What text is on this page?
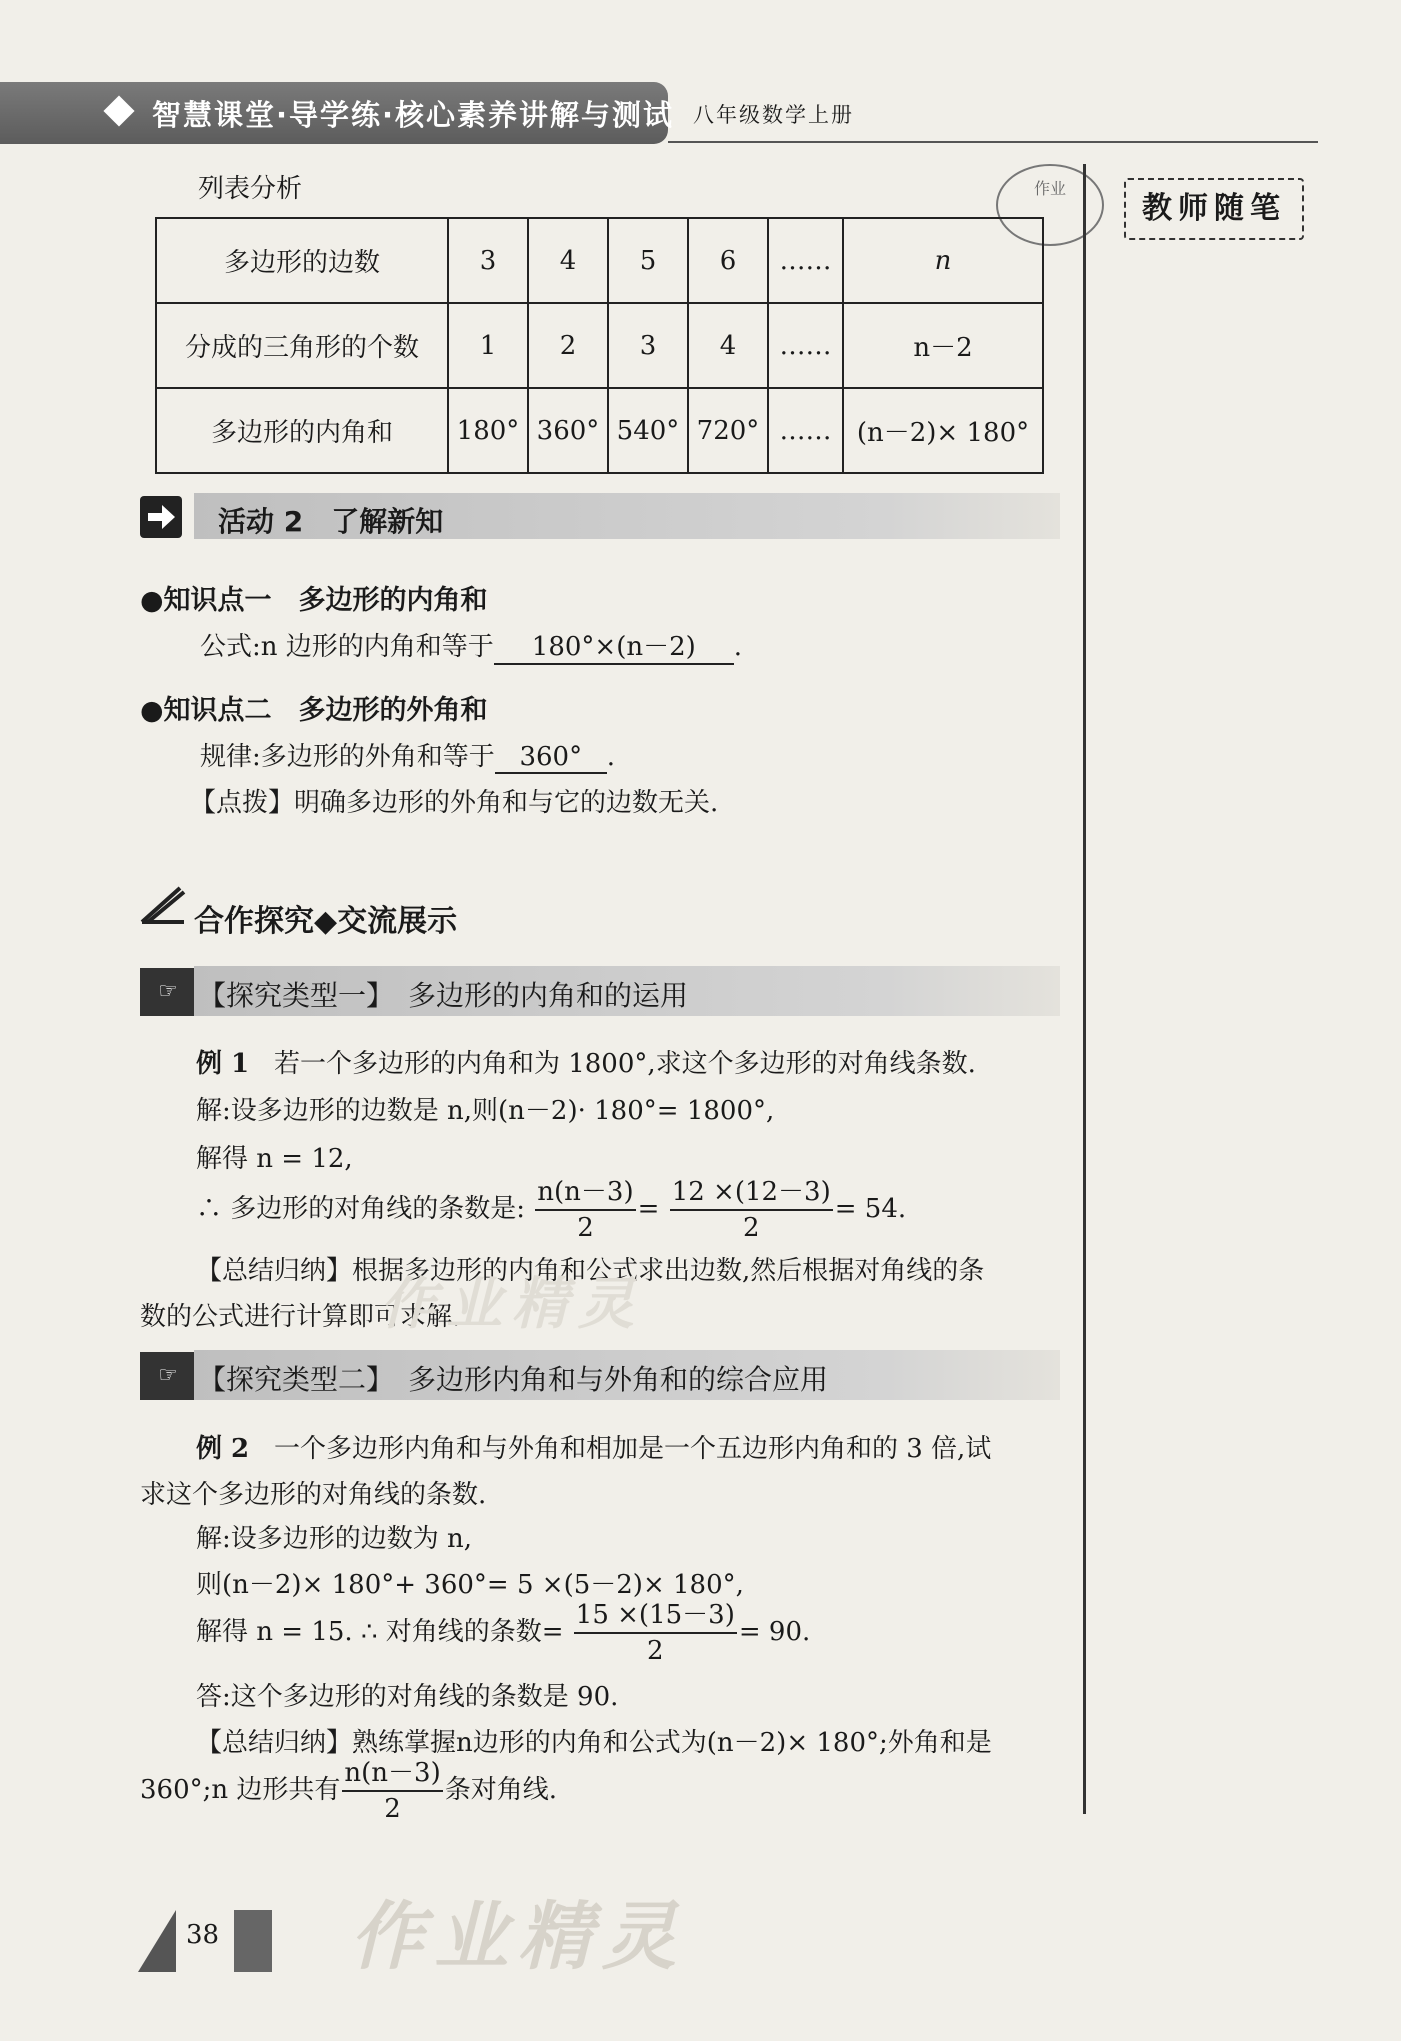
智慧课堂·导学练·核心素养讲解与测试 八年级数学上册
作业
教师随笔
列表分析
多边形的边数	3	4	5	6	……	n
分成的三角形的个数	1	2	3	4	……	n－2
多边形的内角和	180°	360°	540°	720°	……	(n－2)× 180°
活动 2　了解新知
●知识点一　多边形的内角和
公式:n 边形的内角和等于 180°×(n－2) .
●知识点二　多边形的外角和
规律:多边形的外角和等于 360° .
【点拨】明确多边形的外角和与它的边数无关.
合作探究◆交流展示
☞ 【探究类型一】　多边形的内角和的运用
例 1 若一个多边形的内角和为 1800°,求这个多边形的对角线条数.
解:设多边形的边数是 n,则(n－2)· 180°= 1800°,
解得 n = 12,
∴ 多边形的对角线的条数是: $\frac{n(n-3)}{2} = \frac{12 \times(12-3)}{2} = 54$.
【总结归纳】根据多边形的内角和公式求出边数,然后根据对角线的条
数的公式进行计算即可求解.
☞ 【探究类型二】　多边形内角和与外角和的综合应用
例 2 一个多边形内角和与外角和相加是一个五边形内角和的 3 倍,试
求这个多边形的对角线的条数.
解:设多边形的边数为 n,
则(n－2)× 180°+ 360°= 5 ×(5－2)× 180°,
解得 n = 15. ∴ 对角线的条数= $\frac{15 \times(15-3)}{2} = 90$.
答:这个多边形的对角线的条数是 90.
【总结归纳】熟练掌握n边形的内角和公式为(n－2)× 180°;外角和是
360°;n 边形共有 $\frac{n(n-3)}{2}$ 条对角线.
作业精灵
作业精灵
38
